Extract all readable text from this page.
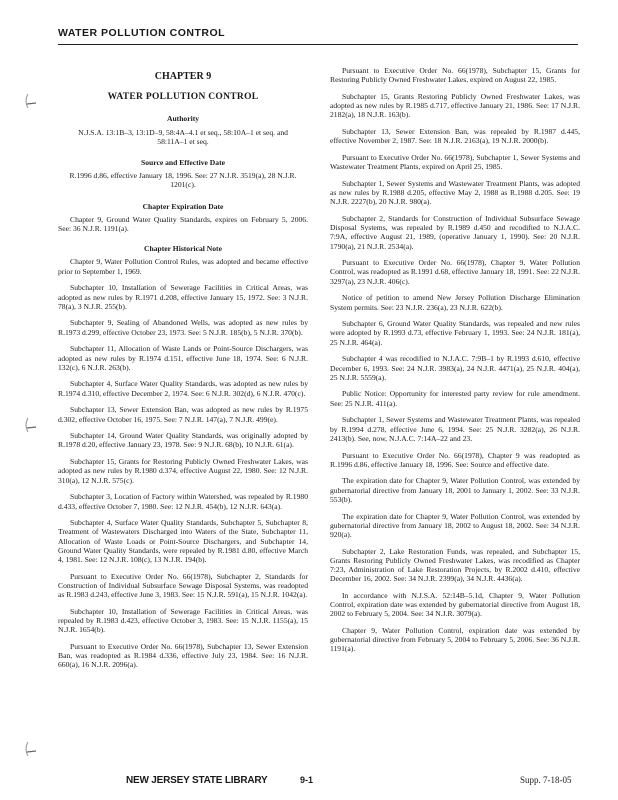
WATER POLLUTION CONTROL
CHAPTER 9
WATER POLLUTION CONTROL
Authority
N.J.S.A. 13:1B–3, 13:1D–9, 58:4A–4.1 et seq., 58:10A–1 et seq. and 58:11A–1 et seq.
Source and Effective Date
R.1996 d.86, effective January 18, 1996. See: 27 N.J.R. 3519(a), 28 N.J.R. 1201(c).
Chapter Expiration Date

Chapter 9, Ground Water Quality Standards, expires on February 5, 2006. See: 36 N.J.R. 1191(a).

Chapter Historical Note

Chapter 9, Water Pollution Control Rules, was adopted and became effective prior to September 1, 1969.

Subchapter 10, Installation of Sewerage Facilities in Critical Areas, was adopted as new rules by R.1971 d.208, effective January 15, 1972. See: 3 N.J.R. 78(a), 3 N.J.R. 255(b).

Subchapter 9, Sealing of Abandoned Wells, was adopted as new rules by R.1973 d.299, effective October 23, 1973. See: 5 N.J.R. 185(b), 5 N.J.R. 370(b).

Subchapter 11, Allocation of Waste Lands or Point-Source Dischargers, was adopted as new rules by R.1974 d.151, effective June 18, 1974. See: 6 N.J.R. 132(c), 6 N.J.R. 263(b).

Subchapter 4, Surface Water Quality Standards, was adopted as new rules by R.1974 d.310, effective December 2, 1974. See: 6 N.J.R. 302(d), 6 N.J.R. 470(c).

Subchapter 13, Sewer Extension Ban, was adopted as new rules by R.1975 d.302, effective October 16, 1975. See: 7 N.J.R. 147(a), 7 N.J.R. 499(e).

Subchapter 14, Ground Water Quality Standards, was originally adopted by R.1978 d.20, effective January 23, 1978. See: 9 N.J.R. 68(b), 10 N.J.R. 61(a).

Subchapter 15, Grants for Restoring Publicly Owned Freshwater Lakes, was adopted as new rules by R.1980 d.374, effective August 22, 1980. See: 12 N.J.R. 310(a), 12 N.J.R. 575(c).

Subchapter 3, Location of Factory within Watershed, was repealed by R.1980 d.433, effective October 7, 1980. See: 12 N.J.R. 454(b), 12 N.J.R. 643(a).

Subchapter 4, Surface Water Quality Standards, Subchapter 5, Subchapter 8, Treatment of Wastewaters Discharged into Waters of the State, Subchapter 11, Allocation of Waste Loads or Point-Source Dischargers, and Subchapter 14, Ground Water Quality Standards, were repealed by R.1981 d.80, effective March 4, 1981. See: 12 N.J.R. 108(c), 13 N.J.R. 194(b).

Pursuant to Executive Order No. 66(1978), Subchapter 2, Standards for Construction of Individual Subsurface Sewage Disposal Systems, was readopted as R.1983 d.243, effective June 3, 1983. See: 15 N.J.R. 591(a), 15 N.J.R. 1042(a).

Subchapter 10, Installation of Sewerage Facilities in Critical Areas, was repealed by R.1983 d.423, effective October 3, 1983. See: 15 N.J.R. 1155(a), 15 N.J.R. 1654(b).

Pursuant to Executive Order No. 66(1978), Subchapter 13, Sewer Extension Ban, was readopted as R.1984 d.336, effective July 23, 1984. See: 16 N.J.R. 660(a), 16 N.J.R. 2096(a).

Pursuant to Executive Order No. 66(1978), Subchapter 15, Grants for Restoring Publicly Owned Freshwater Lakes, expired on August 22, 1985.

Subchapter 15, Grants Restoring Publicly Owned Freshwater Lakes, was adopted as new rules by R.1985 d.717, effective January 21, 1986. See: 17 N.J.R. 2182(a), 18 N.J.R. 163(b).

Subchapter 13, Sewer Extension Ban, was repealed by R.1987 d.445, effective November 2, 1987. See: 18 N.J.R. 2163(a), 19 N.J.R. 2000(b).

Pursuant to Executive Order No. 66(1978), Subchapter 1, Sewer Systems and Wastewater Treatment Plants, expired on April 25, 1985.

Subchapter 1, Sewer Systems and Wastewater Treatment Plants, was adopted as new rules by R.1988 d.205, effective May 2, 1988 as R.1988 d.205. See: 19 N.J.R. 2227(b), 20 N.J.R. 980(a).

Subchapter 2, Standards for Construction of Individual Subsurface Sewage Disposal Systems, was repealed by R.1989 d.450 and recodified to N.J.A.C. 7:9A, effective August 21, 1989, (operative January 1, 1990). See: 20 N.J.R. 1790(a), 21 N.J.R. 2534(a).

Pursuant to Executive Order No. 66(1978), Chapter 9, Water Pollution Control, was readopted as R.1991 d.68, effective January 18, 1991. See: 22 N.J.R. 3297(a), 23 N.J.R. 406(c).

Notice of petition to amend New Jersey Pollution Discharge Elimination System permits. See: 23 N.J.R. 236(a), 23 N.J.R. 622(b).

Subchapter 6, Ground Water Quality Standards, was repealed and new rules were adopted by R.1993 d.73, effective February 1, 1993. See: 24 N.J.R. 181(a), 25 N.J.R. 464(a).

Subchapter 4 was recodified to N.J.A.C. 7:9B–1 by R.1993 d.610, effective December 6, 1993. See: 24 N.J.R. 3983(a), 24 N.J.R. 4471(a), 25 N.J.R. 404(a), 25 N.J.R. 5559(a).

Public Notice: Opportunity for interested party review for rule amendment. See: 25 N.J.R. 411(a).

Subchapter 1, Sewer Systems and Wastewater Treatment Plants, was repealed by R.1994 d.278, effective June 6, 1994. See: 25 N.J.R. 3282(a), 26 N.J.R. 2413(b). See, now, N.J.A.C. 7:14A–22 and 23.

Pursuant to Executive Order No. 66(1978), Chapter 9 was readopted as R.1996 d.86, effective January 18, 1996. See: Source and effective date.

The expiration date for Chapter 9, Water Pollution Control, was extended by gubernatorial directive from January 18, 2001 to January 1, 2002. See: 33 N.J.R. 553(b).

The expiration date for Chapter 9, Water Pollution Control, was extended by gubernatorial directive from January 18, 2002 to August 18, 2002. See: 34 N.J.R. 920(a).

Subchapter 2, Lake Restoration Funds, was repealed, and Subchapter 15, Grants Restoring Publicly Owned Freshwater Lakes, was recodified as Chapter 7:23, Administration of Lake Restoration Projects, by R.2002 d.410, effective December 16, 2002. See: 34 N.J.R. 2399(a), 34 N.J.R. 4436(a).

In accordance with N.J.S.A. 52:14B–5.1d, Chapter 9, Water Pollution Control, expiration date was extended by gubernatorial directive from August 18, 2002 to February 5, 2004. See: 34 N.J.R. 3079(a).

Chapter 9, Water Pollution Control, expiration date was extended by gubernatorial directive from February 5, 2004 to February 5, 2006. See: 36 N.J.R. 1191(a).

NEW JERSEY STATE LIBRARY	9-1	Supp. 7-18-05
